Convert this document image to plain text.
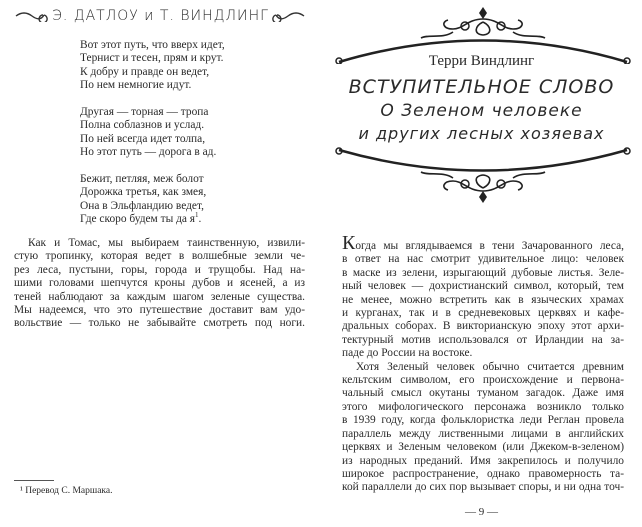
Э. ДАТЛОУ и Т. ВИНДЛИНГ
Вот этот путь, что вверх идет,
Тернист и тесен, прям и крут.
К добру и правде он ведет,
По нем немногие идут.
Другая — торная — тропа
Полна соблазнов и услад.
По ней всегда идет толпа,
Но этот путь — дорога в ад.
Бежит, петляя, меж болот
Дорожка третья, как змея,
Она в Эльфландию ведет,
Где скоро будем ты да $я^1$.
Как и Томас, мы выбираем таинственную, извили-
стую тропинку, которая ведет в волшебные земли че-
рез леса, пустыни, горы, города и трущобы. Над на-
шими головами шепчутся кроны дубов и ясеней, а из
теней наблюдают за каждым шагом зеленые существа.
Мы надеемся, что это путешествие доставит вам удо-
вольствие — только не забывайте смотреть под ноги.
¹ Перевод С. Маршака.
Терри Виндлинг
ВСТУПИТЕЛЬНОЕ СЛОВО
О Зеленом человеке
и других лесных хозяевах
Когда мы вглядываемся в тени Зачарованного леса,
в ответ на нас смотрит удивительное лицо: человек
в маске из зелени, изрыгающий дубовые листья. Зеле-
ный человек — дохристианский символ, который, тем
не менее, можно встретить как в языческих храмах
и курганах, так и в средневековых церквях и кафе-
дральных соборах. В викторианскую эпоху этот архи-
тектурный мотив использовался от Ирландии на за-
паде до России на востоке.
Хотя Зеленый человек обычно считается древним
кельтским символом, его происхождение и первона-
чальный смысл окутаны туманом загадок. Даже имя
этого мифологического персонажа возникло только
в 1939 году, когда фольклористка леди Реглан провела
параллель между лиственными лицами в английских
церквях и Зеленым человеком (или Джеком-в-зеленом)
из народных преданий. Имя закрепилось и получило
широкое распространение, однако правомерность та-
кой параллели до сих пор вызывает споры, и ни одна точ-
— 9 —
